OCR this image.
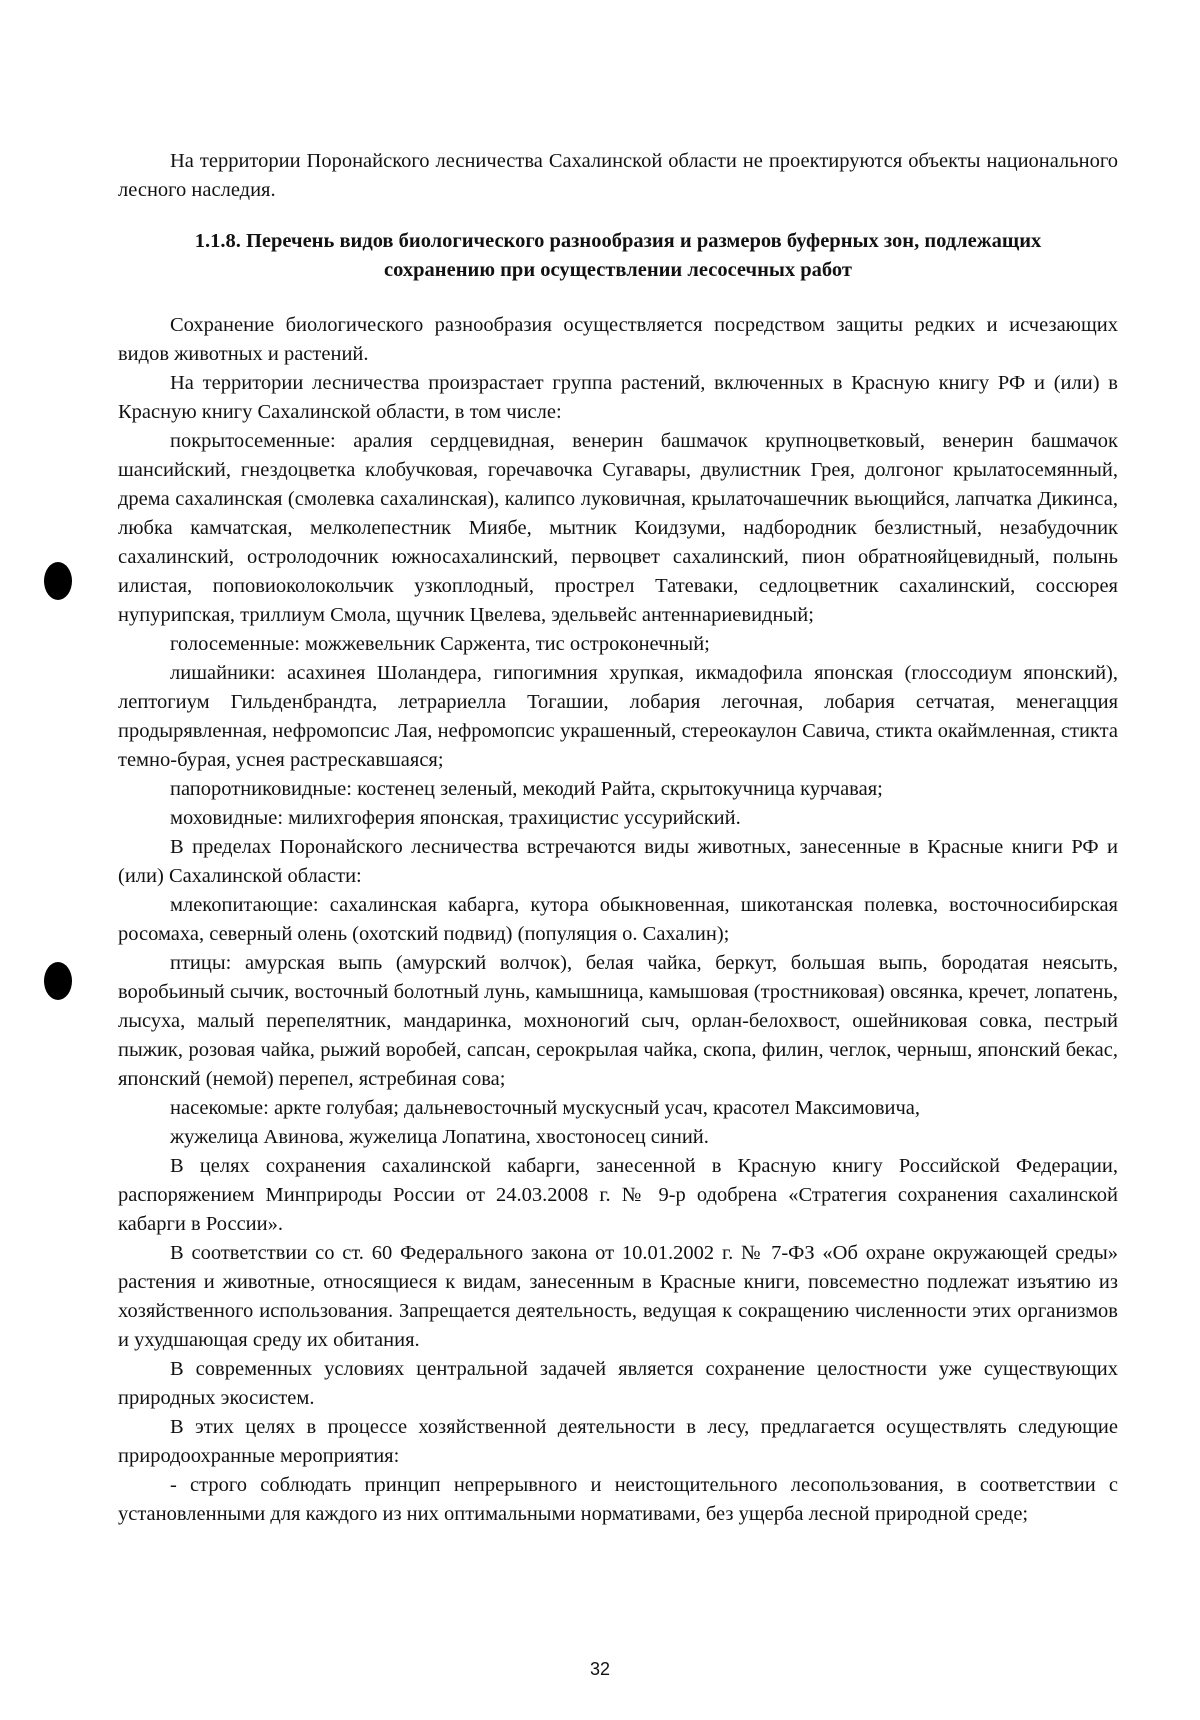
На территории Поронайского лесничества Сахалинской области не проектируются объекты национального лесного наследия.

1.1.8. Перечень видов биологического разнообразия и размеров буферных зон, подлежащих сохранению при осуществлении лесосечных работ

Сохранение биологического разнообразия осуществляется посредством защиты редких и исчезающих видов животных и растений.

На территории лесничества произрастает группа растений, включенных в Красную книгу РФ и (или) в Красную книгу Сахалинской области, в том числе:

покрытосеменные: аралия сердцевидная, венерин башмачок крупноцветковый, венерин башмачок шансийский, гнездоцветка клобучковая, горечавочка Сугавары, двулистник Грея, долгоног крылатосемянный, дрема сахалинская (смолевка сахалинская), калипсо луковичная, крылаточашечник вьющийся, лапчатка Дикинса, любка камчатская, мелколепестник Миябе, мытник Коидзуми, надбородник безлистный, незабудочник сахалинский, остролодочник южносахалинский, первоцвет сахалинский, пион обратнояйцевидный, полынь илистая, поповиоколокольчик узкоплодный, прострел Татеваки, седлоцветник сахалинский, соссюрея нупурипская, триллиум Смола, щучник Цвелева, эдельвейс антеннариевидный;

голосеменные: можжевельник Саржента, тис остроконечный;

лишайники: асахинея Шоландера, гипогимния хрупкая, икмадофила японская (глоссодиум японский), лептогиум Гильденбрандта, летрариелла Тогашии, лобария легочная, лобария сетчатая, менегацция продырявленная, нефромопсис Лая, нефромопсис украшенный, стереокаулон Савича, стикта окаймленная, стикта темно-бурая, уснея растрескавшаяся;

папоротниковидные: костенец зеленый, мекодий Райта, скрытокучница курчавая;

моховидные: милихгоферия японская, трахицистис уссурийский.

В пределах Поронайского лесничества встречаются виды животных, занесенные в Красные книги РФ и (или) Сахалинской области:

млекопитающие: сахалинская кабарга, кутора обыкновенная, шикотанская полевка, восточносибирская росомаха, северный олень (охотский подвид) (популяция о. Сахалин);

птицы: амурская выпь (амурский волчок), белая чайка, беркут, большая выпь, бородатая неясыть, воробьиный сычик, восточный болотный лунь, камышница, камышовая (тростниковая) овсянка, кречет, лопатень, лысуха, малый перепелятник, мандаринка, мохноногий сыч, орлан-белохвост, ошейниковая совка, пестрый пыжик, розовая чайка, рыжий воробей, сапсан, серокрылая чайка, скопа, филин, чеглок, черныш, японский бекас, японский (немой) перепел, ястребиная сова;

насекомые: аркте голубая; дальневосточный мускусный усач, красотел Максимовича,

жужелица Авинова, жужелица Лопатина, хвостоносец синий.

В целях сохранения сахалинской кабарги, занесенной в Красную книгу Российской Федерации, распоряжением Минприроды России от 24.03.2008 г. № 9-р одобрена «Стратегия сохранения сахалинской кабарги в России».

В соответствии со ст. 60 Федерального закона от 10.01.2002 г. № 7-ФЗ «Об охране окружающей среды» растения и животные, относящиеся к видам, занесенным в Красные книги, повсеместно подлежат изъятию из хозяйственного использования. Запрещается деятельность, ведущая к сокращению численности этих организмов и ухудшающая среду их обитания.

В современных условиях центральной задачей является сохранение целостности уже существующих природных экосистем.

В этих целях в процессе хозяйственной деятельности в лесу, предлагается осуществлять следующие природоохранные мероприятия:

- строго соблюдать принцип непрерывного и неистощительного лесопользования, в соответствии с установленными для каждого из них оптимальными нормативами, без ущерба лесной природной среде;

32
